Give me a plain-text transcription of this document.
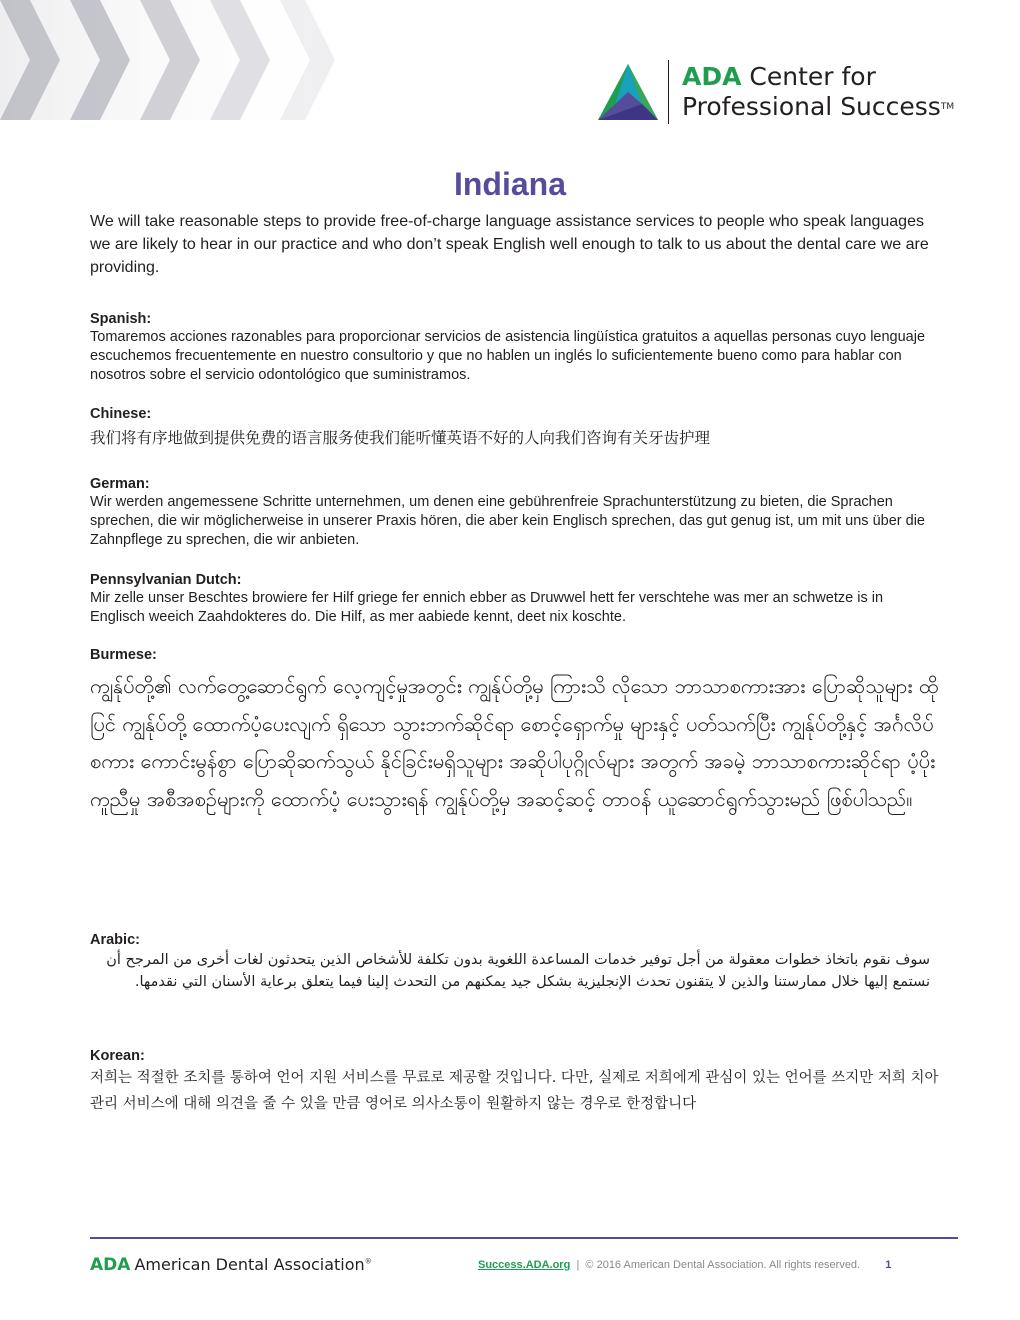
ADA Center for
Professional Success™
Indiana
We will take reasonable steps to provide free-of-charge language assistance services to people who speak languages we are likely to hear in our practice and who don’t speak English well enough to talk to us about the dental care we are providing.
Spanish:

Tomaremos acciones razonables para proporcionar servicios de asistencia lingüística gratuitos a aquellas personas cuyo lenguaje escuchemos frecuentemente en nuestro consultorio y que no hablen un inglés lo suficientemente bueno como para hablar con nosotros sobre el servicio odontológico que suministramos.

Chinese:

我们将有序地做到提供免费的语言服务使我们能听懂英语不好的人向我们咨询有关牙齿护理

German:

Wir werden angemessene Schritte unternehmen, um denen eine gebührenfreie Sprachunterstützung zu bieten, die Sprachen sprechen, die wir möglicherweise in unserer Praxis hören, die aber kein Englisch sprechen, das gut genug ist, um mit uns über die Zahnpflege zu sprechen, die wir anbieten.

Pennsylvanian Dutch:

Mir zelle unser Beschtes browiere fer Hilf griege fer ennich ebber as Druwwel hett fer verschtehe was mer an schwetze is in Englisch weeich Zaahdokteres do. Die Hilf, as mer aabiede kennt, deet nix koschte.

Burmese:

ကျွန်ုပ်တို့၏ လက်တွေ့ဆောင်ရွက် လေ့ကျင့်မှုအတွင်း ကျွန်ုပ်တို့မှ ကြားသိ လိုသော ဘာသာစကားအား ပြောဆိုသူများ ထိုပြင် ကျွန်ုပ်တို့ ထောက်ပံ့ပေးလျက် ရှိသော သွားဘက်ဆိုင်ရာ စောင့်ရှောက်မှု များနှင့် ပတ်သက်ပြီး ကျွန်ုပ်တို့နှင့် အင်္ဂလိပ် စကား ကောင်းမွန်စွာ ပြောဆိုဆက်သွယ် နိုင်ခြင်းမရှိသူများ အဆိုပါပုဂ္ဂိုလ်များ အတွက် အခမဲ့ ဘာသာစကားဆိုင်ရာ ပံ့ပိုး ကူညီမှု အစီအစဉ်များကို ထောက်ပံ့ ပေးသွားရန် ကျွန်ုပ်တို့မှ အဆင့်ဆင့် တာဝန် ယူဆောင်ရွက်သွားမည် ဖြစ်ပါသည်။

Arabic:

سوف نقوم باتخاذ خطوات معقولة من أجل توفير خدمات المساعدة اللغوية بدون تكلفة للأشخاص الذين يتحدثون لغات أخرى من المرجح أن نستمع إليها خلال ممارستنا والذين لا يتقنون تحدث الإنجليزية بشكل جيد يمكنهم من التحدث إلينا فيما يتعلق برعاية الأسنان التي نقدمها.

Korean:

저희는 적절한 조치를 통하여 언어 지원 서비스를 무료로 제공할 것입니다. 다만, 실제로 저희에게 관심이 있는 언어를 쓰지만 저희 치아 관리 서비스에 대해 의견을 줄 수 있을 만큼 영어로 의사소통이 원활하지 않는 경우로 한정합니다

ADA American Dental Association®	Success.ADA.org | © 2016 American Dental Association. All rights reserved. 1
